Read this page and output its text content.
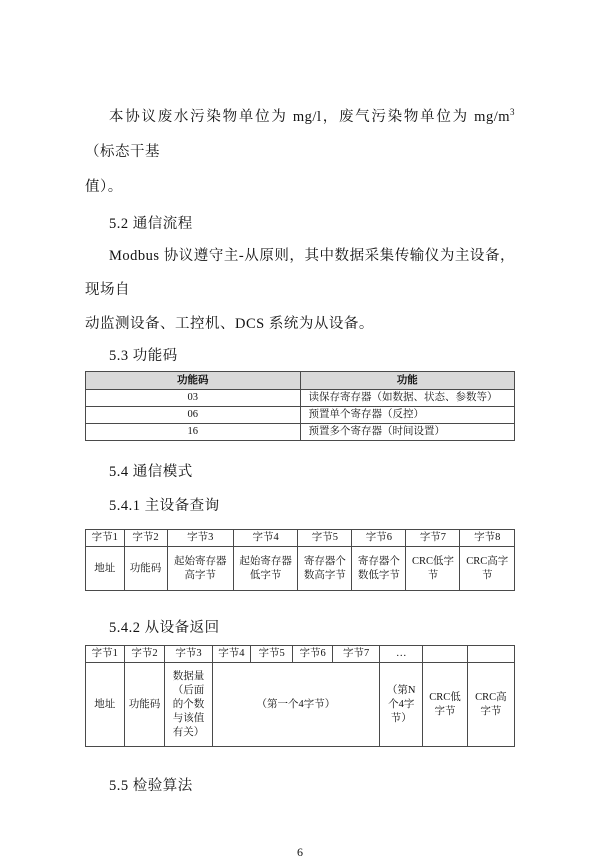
本协议废水污染物单位为 mg/l，废气污染物单位为 $mg/m^3$（标态干基
值）。

5.2 通信流程

Modbus 协议遵守主-从原则，其中数据采集传输仪为主设备，现场自
动监测设备、工控机、DCS 系统为从设备。

5.3 功能码

功能码	功能
03	读保存寄存器（如数据、状态、参数等）
06	预置单个寄存器（反控）
16	预置多个寄存器（时间设置）

5.4 通信模式

5.4.1 主设备查询

字节1	字节2	字节3	字节4	字节5	字节6	字节7	字节8
地址	功能码	起始寄存器高字节	起始寄存器低字节	寄存器个数高字节	寄存器个数低字节	CRC低字节	CRC高字节

5.4.2 从设备返回

字节1	字节2	字节3	字节4	字节5	字节6	字节7	…		
地址	功能码	数据量（后面的个数与该值有关）	（第一个4字节）				（第N个4字节）	CRC低字节	CRC高字节

5.5 检验算法

6
